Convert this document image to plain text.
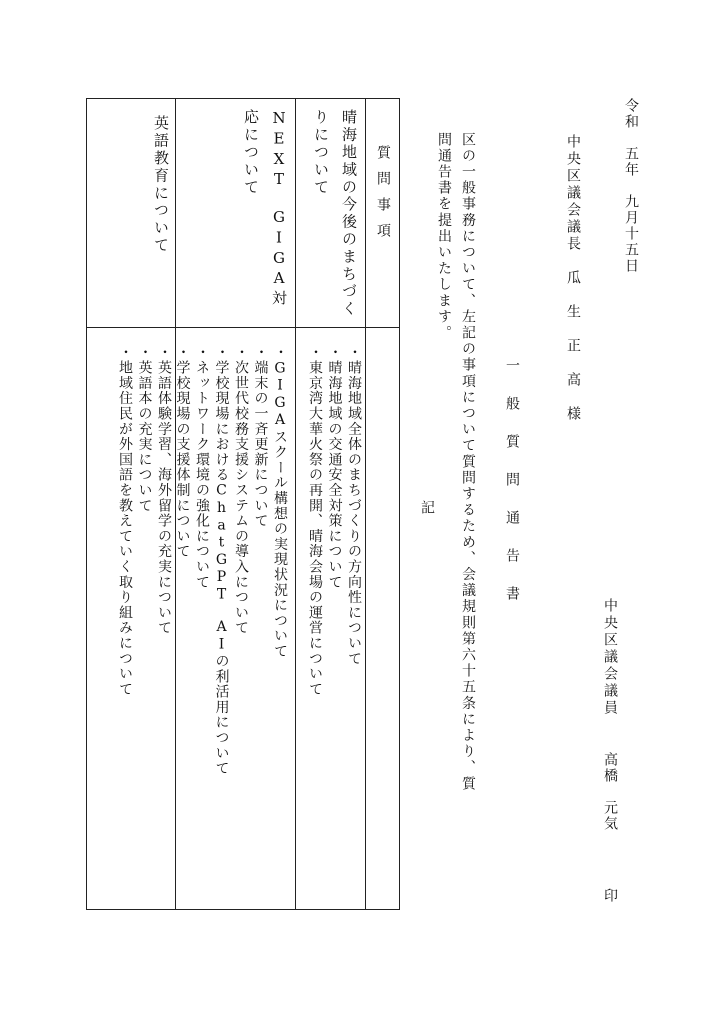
令和　五年　九月十五日
中央区議会議長　瓜　生　正　高　様
中央区議会議員
高橋　元気
印
一般質問通告書
区の一般事務について、左記の事項について質問するため、会議規則第六十五条により、質問通告書を提出いたします。
記
質問事項
晴海地域の今後のまちづくりについて
NEXT　GIGA対応について
英語教育について
・晴海地域全体のまちづくりの方向性について
・晴海地域の交通安全対策について
・東京湾大華火祭の再開、晴海会場の運営について
・GIGAスクール構想の実現状況について
・端末の一斉更新について
・次世代校務支援システムの導入について
・学校現場におけるChatGPT　AIの利活用について
・ネットワーク環境の強化について
・学校現場の支援体制について
・英語体験学習、海外留学の充実について
・英語本の充実について
・地域住民が外国語を教えていく取り組みについて
